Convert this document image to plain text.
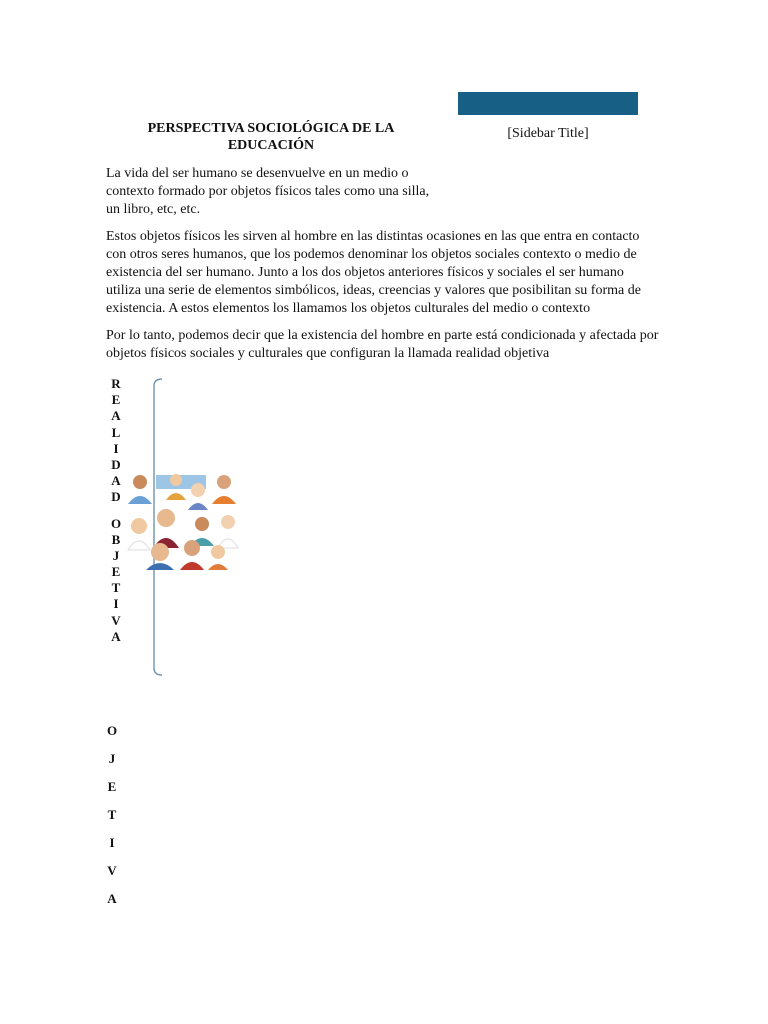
[Sidebar Title]
PERSPECTIVA SOCIOLÓGICA DE LA EDUCACIÓN

La vida del ser humano se desenvuelve en un medio o contexto formado por objetos físicos tales como una silla, un libro, etc, etc.

Estos objetos físicos les sirven al hombre en las distintas ocasiones en las que entra en contacto con otros seres humanos, que los podemos denominar los objetos sociales contexto o medio de existencia del ser humano. Junto a los dos objetos anteriores físicos y sociales el ser humano utiliza una serie de elementos simbólicos, ideas, creencias y valores que posibilitan su forma de existencia. A estos elementos los llamamos los objetos culturales del medio o contexto

Por lo tanto, podemos decir que la existencia del hombre en parte está condicionada y afectada por objetos físicos sociales y culturales que configuran la llamada realidad objetiva

R
E
A
L
I
D
A
D
O
B
J
E
T
I
V
A
O
J
E
T
I
V
A
